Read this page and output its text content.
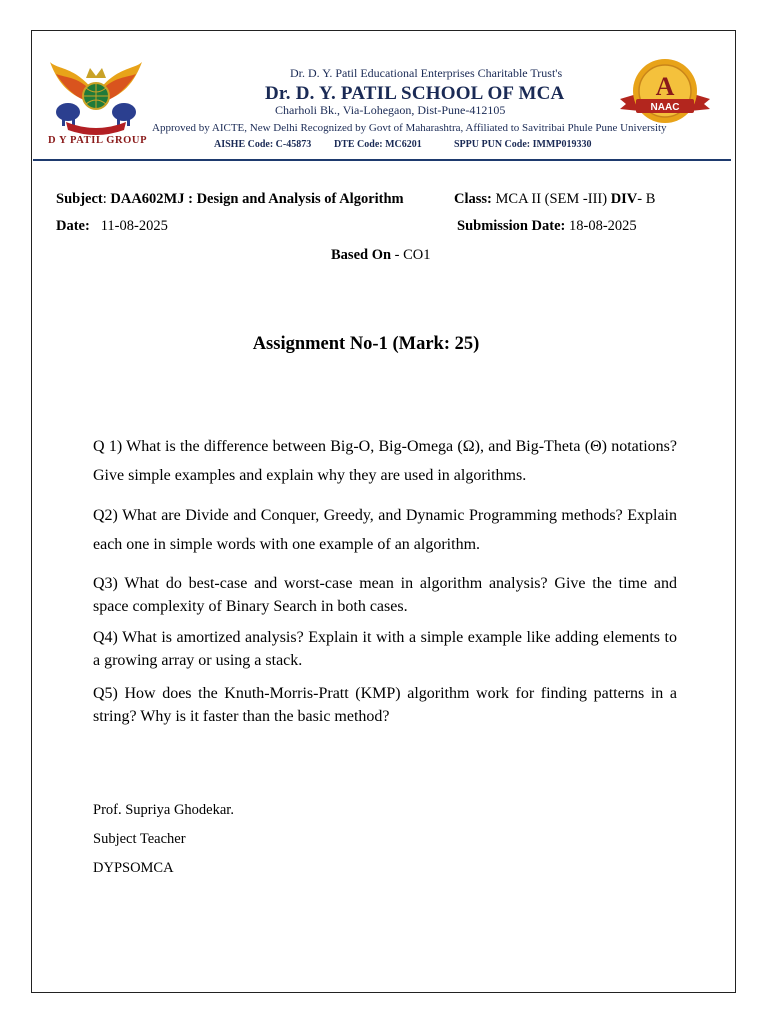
D Y PATIL GROUP
Dr. D. Y. Patil Educational Enterprises Charitable Trust's
Dr. D. Y. PATIL SCHOOL OF MCA
Charholi Bk., Via-Lohegaon, Dist-Pune-412105
Approved by AICTE, New Delhi Recognized by Govt of Maharashtra, Affiliated to Savitribai Phule Pune University
AISHE Code: C-45873 DTE Code: MC6201	SPPU PUN Code: IMMP019330
A
NAAC
Subject: DAA602MJ : Design and Analysis of Algorithm	Class: MCA II (SEM -III) DIV- B
Date: 11-08-2025	Submission Date: 18-08-2025
Based On - CO1
Assignment No-1 (Mark: 25)
Q 1) What is the difference between Big-O, Big-Omega (Ω), and Big-Theta (Θ) notations? Give simple examples and explain why they are used in algorithms.
Q2) What are Divide and Conquer, Greedy, and Dynamic Programming methods? Explain each one in simple words with one example of an algorithm.
Q3) What do best-case and worst-case mean in algorithm analysis? Give the time and space complexity of Binary Search in both cases.
Q4) What is amortized analysis? Explain it with a simple example like adding elements to a growing array or using a stack.
Q5) How does the Knuth-Morris-Pratt (KMP) algorithm work for finding patterns in a string? Why is it faster than the basic method?
Prof. Supriya Ghodekar.
Subject Teacher
DYPSOMCA
